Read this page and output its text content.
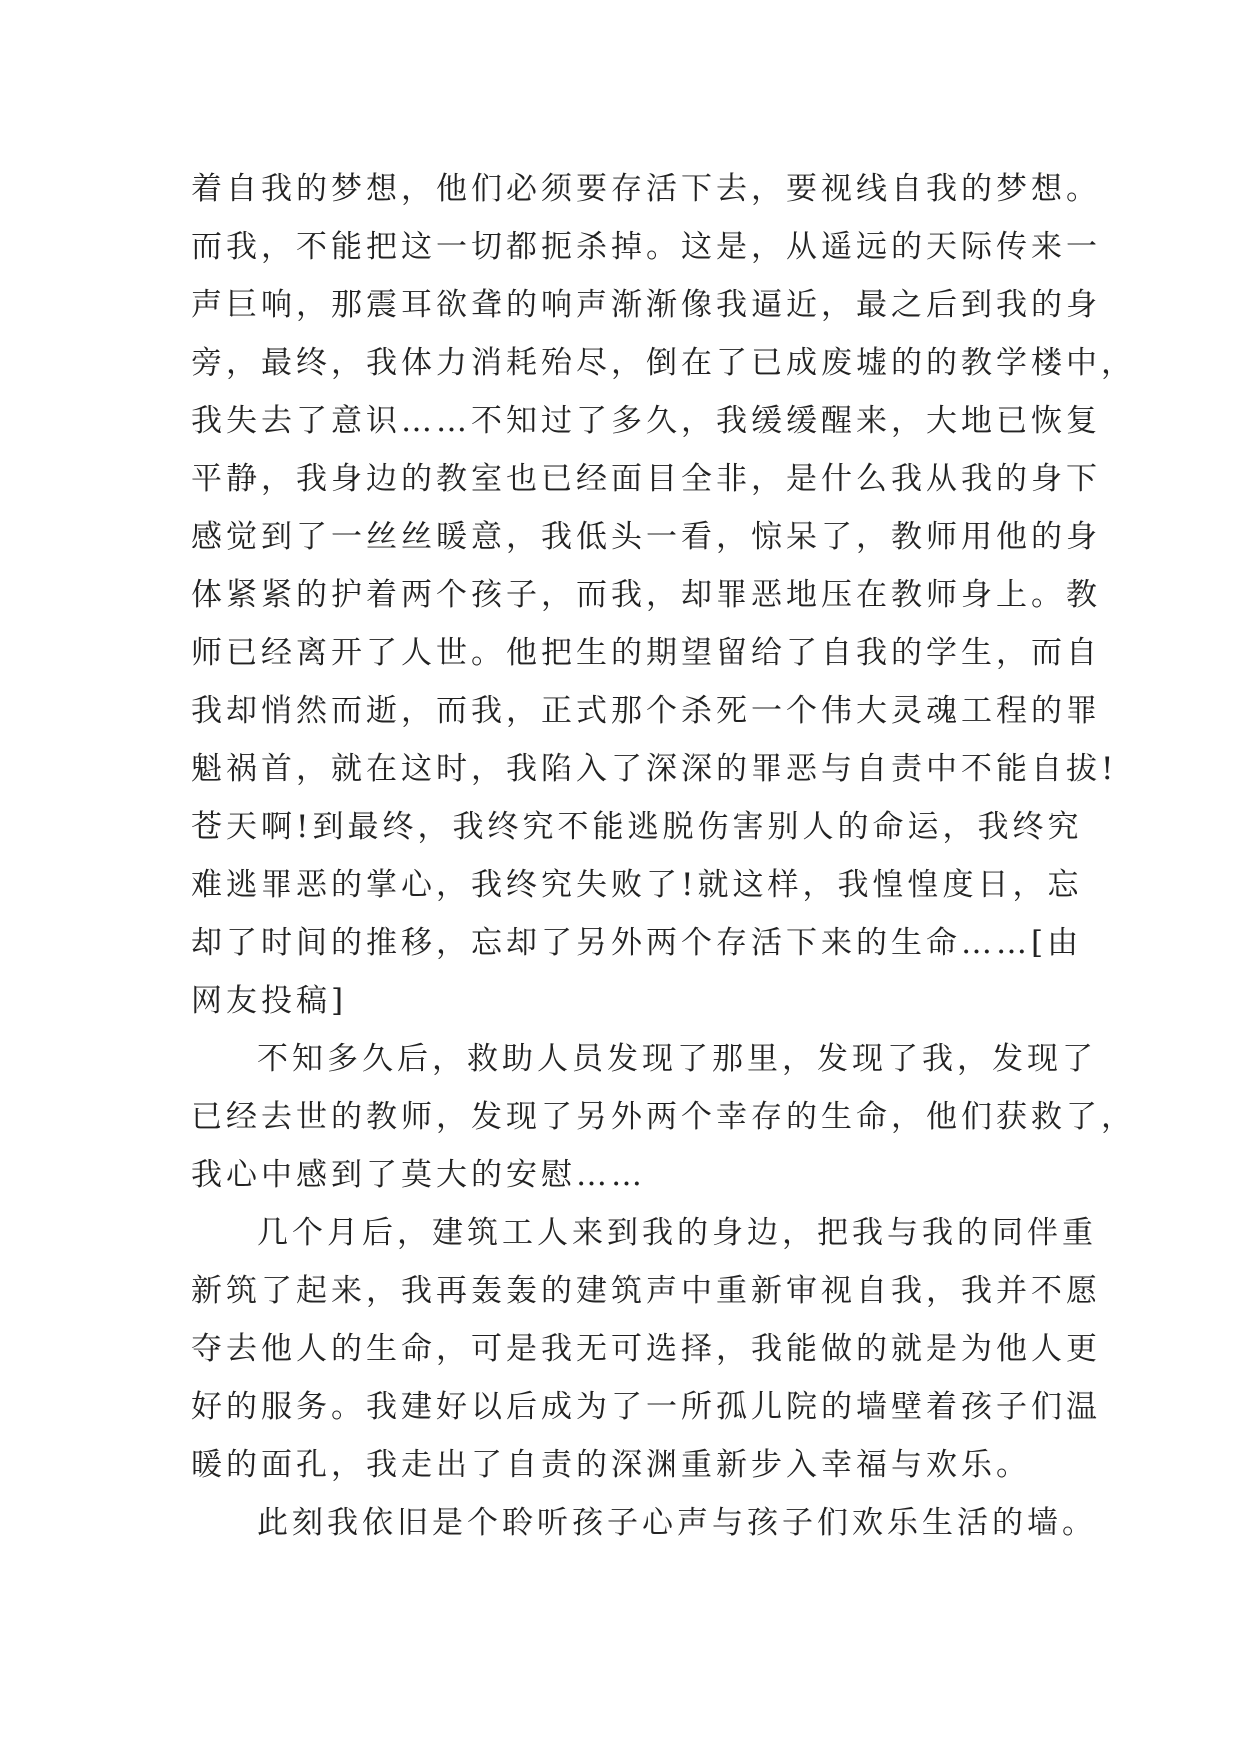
着自我的梦想，他们必须要存活下去，要视线自我的梦想。
而我，不能把这一切都扼杀掉。这是，从遥远的天际传来一
声巨响，那震耳欲聋的响声渐渐像我逼近，最之后到我的身
旁，最终，我体力消耗殆尽，倒在了已成废墟的的教学楼中，
我失去了意识……不知过了多久，我缓缓醒来，大地已恢复
平静，我身边的教室也已经面目全非，是什么我从我的身下
感觉到了一丝丝暖意，我低头一看，惊呆了，教师用他的身
体紧紧的护着两个孩子，而我，却罪恶地压在教师身上。教
师已经离开了人世。他把生的期望留给了自我的学生，而自
我却悄然而逝，而我，正式那个杀死一个伟大灵魂工程的罪
魁祸首，就在这时，我陷入了深深的罪恶与自责中不能自拔!
苍天啊!到最终，我终究不能逃脱伤害别人的命运，我终究
难逃罪恶的掌心，我终究失败了!就这样，我惶惶度日，忘
却了时间的推移，忘却了另外两个存活下来的生命……[由
网友投稿]
不知多久后，救助人员发现了那里，发现了我，发现了
已经去世的教师，发现了另外两个幸存的生命，他们获救了，
我心中感到了莫大的安慰……
几个月后，建筑工人来到我的身边，把我与我的同伴重
新筑了起来，我再轰轰的建筑声中重新审视自我，我并不愿
夺去他人的生命，可是我无可选择，我能做的就是为他人更
好的服务。我建好以后成为了一所孤儿院的墙壁着孩子们温
暖的面孔，我走出了自责的深渊重新步入幸福与欢乐。
此刻我依旧是个聆听孩子心声与孩子们欢乐生活的墙。
